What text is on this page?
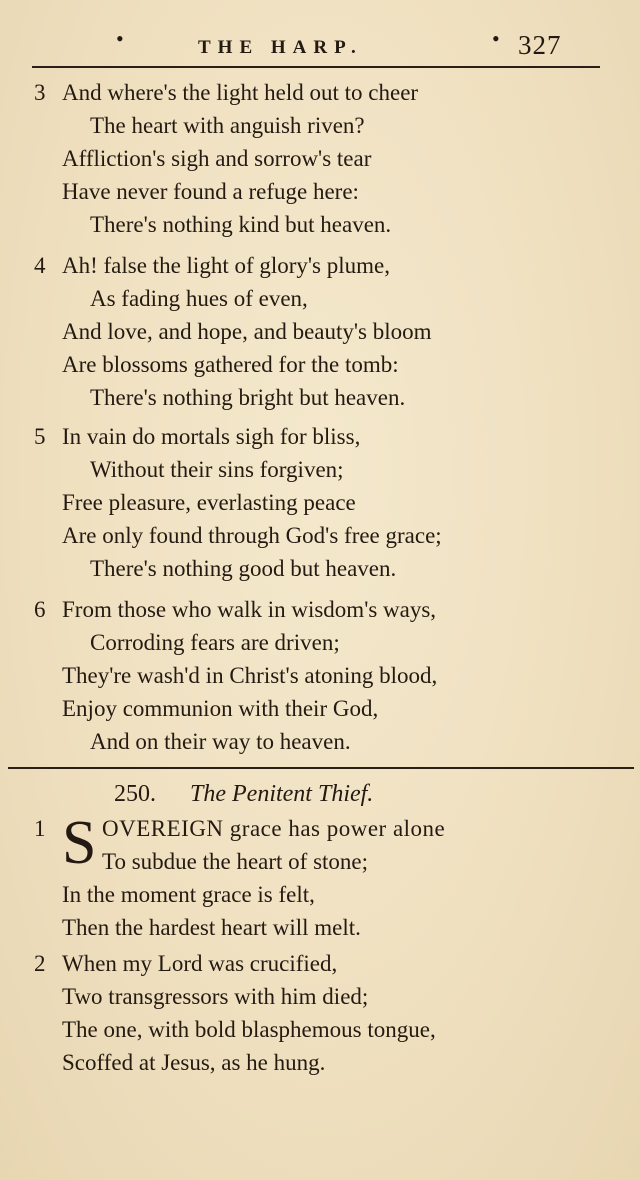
•	THE HARP.	• 327
3 And where's the light held out to cheer
The heart with anguish riven?
Affliction's sigh and sorrow's tear
Have never found a refuge here:
There's nothing kind but heaven.
4 Ah! false the light of glory's plume,
As fading hues of even,
And love, and hope, and beauty's bloom
Are blossoms gathered for the tomb:
There's nothing bright but heaven.
5 In vain do mortals sigh for bliss,
Without their sins forgiven;
Free pleasure, everlasting peace
Are only found through God's free grace;
There's nothing good but heaven.
6 From those who walk in wisdom's ways,
Corroding fears are driven;
They're wash'd in Christ's atoning blood,
Enjoy communion with their God,
And on their way to heaven.
250. The Penitent Thief.
1 OVEREIGN grace has power alone
To subdue the heart of stone;
In the moment grace is felt,
Then the hardest heart will melt.
S
2 When my Lord was crucified,
Two transgressors with him died;
The one, with bold blasphemous tongue,
Scoffed at Jesus, as he hung.
